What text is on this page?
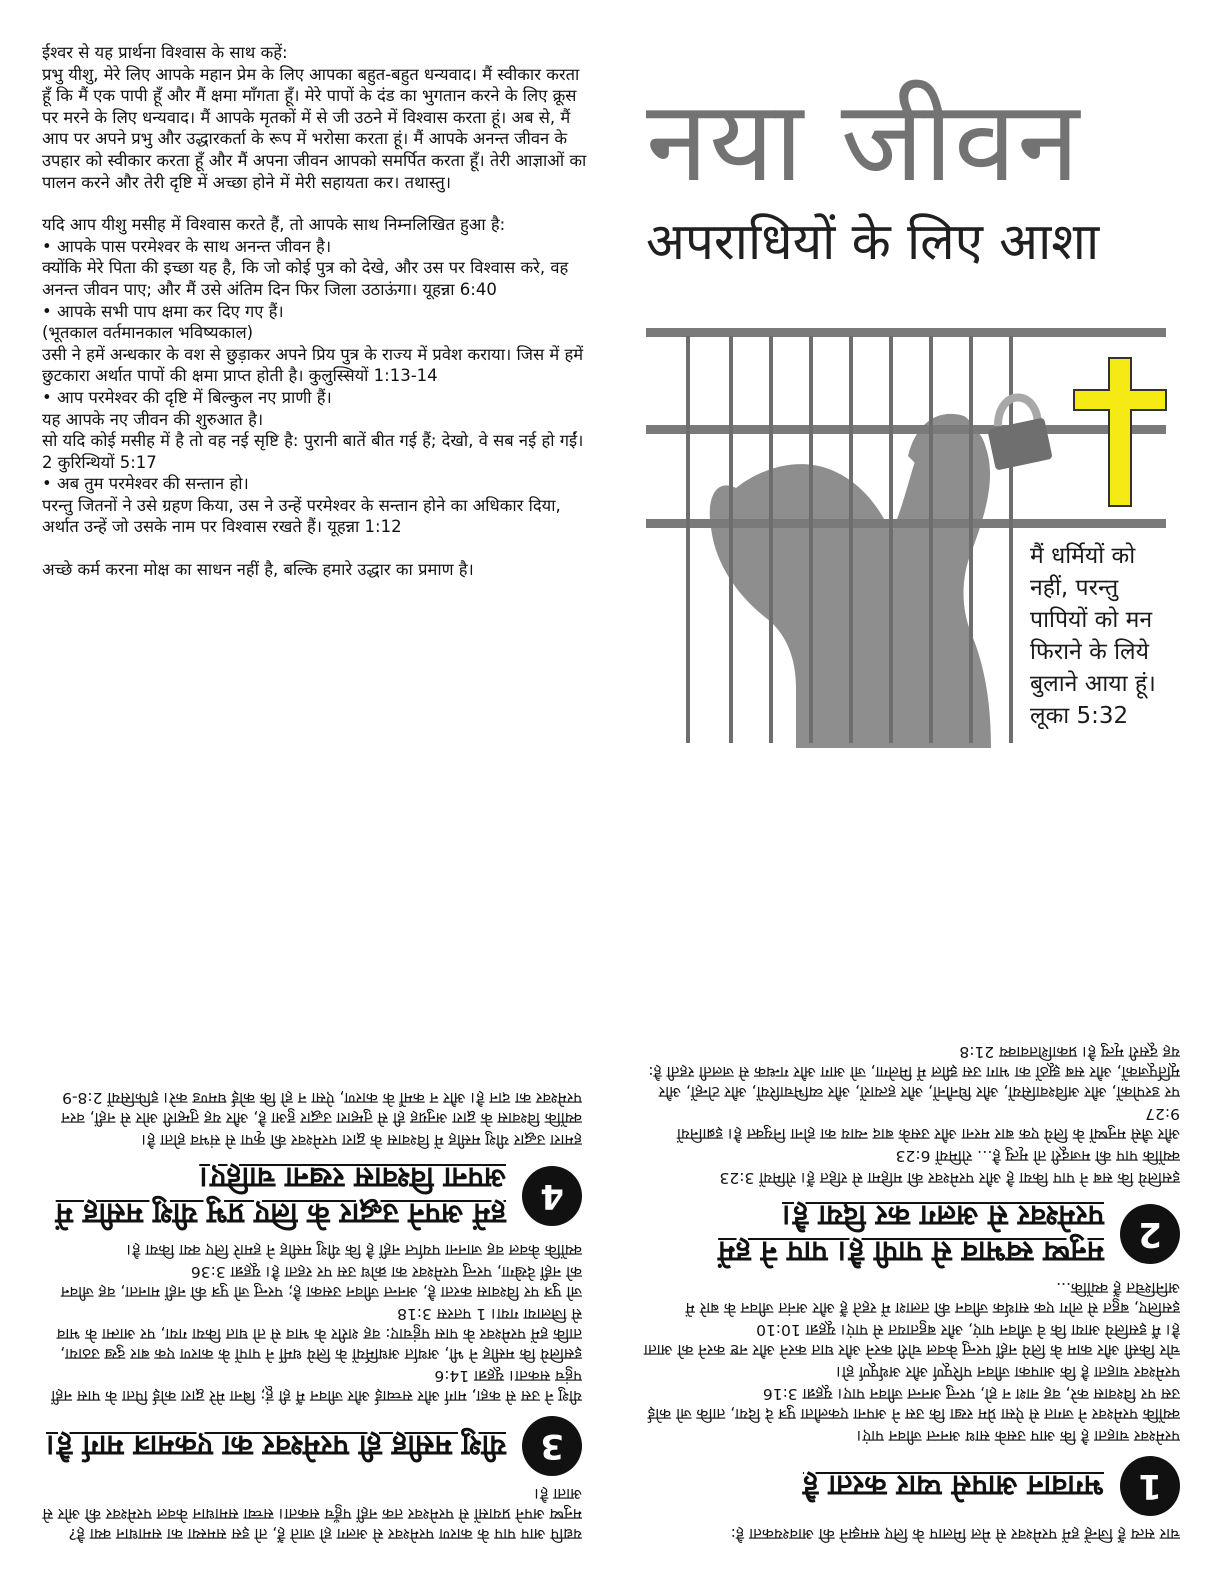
ईश्वर से यह प्रार्थना विश्वास के साथ कहें:

प्रभु यीशु, मेरे लिए आपके महान प्रेम के लिए आपका बहुत-बहुत धन्यवाद। मैं स्वीकार करता हूँ कि मैं एक पापी हूँ और मैं क्षमा माँगता हूँ। मेरे पापों के दंड का भुगतान करने के लिए क्रूस पर मरने के लिए धन्यवाद। मैं आपके मृतकों में से जी उठने में विश्वास करता हूं। अब से, मैं आप पर अपने प्रभु और उद्धारकर्ता के रूप में भरोसा करता हूं। मैं आपके अनन्त जीवन के उपहार को स्वीकार करता हूँ और मैं अपना जीवन आपको समर्पित करता हूँ। तेरी आज्ञाओं का पालन करने और तेरी दृष्टि में अच्छा होने में मेरी सहायता कर। तथास्तु।

यदि आप यीशु मसीह में विश्वास करते हैं, तो आपके साथ निम्नलिखित हुआ है:

• आपके पास परमेश्वर के साथ अनन्त जीवन है।

क्योंकि मेरे पिता की इच्छा यह है, कि जो कोई पुत्र को देखे, और उस पर विश्वास करे, वह अनन्त जीवन पाए; और मैं उसे अंतिम दिन फिर जिला उठाऊंगा। यूहन्ना 6:40

• आपके सभी पाप क्षमा कर दिए गए हैं।

(भूतकाल वर्तमानकाल भविष्यकाल)

उसी ने हमें अन्धकार के वश से छुड़ाकर अपने प्रिय पुत्र के राज्य में प्रवेश कराया। जिस में हमें छुटकारा अर्थात पापों की क्षमा प्राप्त होती है। कुलुस्सियों 1:13-14

• आप परमेश्वर की दृष्टि में बिल्कुल नए प्राणी हैं।

यह आपके नए जीवन की शुरुआत है।

सो यदि कोई मसीह में है तो वह नई सृष्टि है: पुरानी बातें बीत गई हैं; देखो, वे सब नई हो गईं। 2 कुरिन्थियों 5:17

• अब तुम परमेश्वर की सन्तान हो।

परन्तु जितनों ने उसे ग्रहण किया, उस ने उन्हें परमेश्वर के सन्तान होने का अधिकार दिया, अर्थात उन्हें जो उसके नाम पर विश्वास रखते हैं। यूहन्ना 1:12

अच्छे कर्म करना मोक्ष का साधन नहीं है, बल्कि हमारे उद्धार का प्रमाण है।

नया जीवन
अपराधियों के लिए आशा
मैं धर्मियों को नहीं, परन्तु पापियों को मन फिराने के लिये बुलाने आया हूं। लूका 5:32

यद्यपि आप पाप के कारण परमेश्वर से अलग हो जाते हैं, तो इस समस्या का समाधान क्या है? मनुष्य अपने प्रयासों से परमेश्वर तक नहीं पहुँच सकता। सच्चा समाधान केवल परमेश्वर की ओर से आता है।

3
यीशु मसीह ही परमेश्वर का एकमात्र मार्ग है।

यीशु ने उस से कहा, मार्ग और सच्चाई और जीवन मैं ही हूं; बिना मेरे द्वारा कोई पिता के पास नहीं पहुंच सकता। यूहन्ना 14:6

इसलिये कि मसीह ने भी, अर्थात अधर्मियों के लिये धर्मी ने पापों के कारण एक बार दुख उठाया, ताकि हमें परमेश्वर के पास पहुंचाए: वह शरीर के भाव से तो घात किया गया, पर आत्मा के भाव से जिलाया गया। 1 पतरस 3:18

जो पुत्र पर विश्वास करता है, अनन्त जीवन उसका है; परन्तु जो पुत्र की नहीं मानता, वह जीवन को नहीं देखेगा, परन्तु परमेश्वर का क्रोध उस पर रहता है। यूहन्ना 3:36

क्योंकि केवल वह जानना पर्याप्त नहीं है कि यीशु मसीह ने हमारे लिए क्या किया है।

4
हमें अपने उद्धार के लिए प्रभु यीशु मसीह में अपना विश्वास रखना चाहिए।

हमारा उद्धार यीशु मसीह में विश्वास के द्वारा परमेश्वर की कृपा से संभव होता है।

क्योंकि विश्वास के द्वारा अनुग्रह ही से तुम्हारा उद्धार हुआ है, और यह तुम्हारी ओर से नहीं, वरन परमेश्वर का दान है। और न कर्मों के कारण, ऐसा न हो कि कोई घमण्ड करे। इफिसियों 2:8-9

चार सत्य हैं जिन्हें हमें परमेश्वर से मेल मिलाप के लिए समझने की आवश्यकता है:

1
भगवान आपसे प्यार करता है

परमेश्वर चाहता है कि आप उसके साथ अनन्त जीवन पाएं।

क्योंकि परमेश्वर ने जगत से ऐसा प्रेम रखा कि उस ने अपना एकलौता पुत्र दे दिया, ताकि जो कोई उस पर विश्वास करे, वह नाश न हो, परन्तु अनन्त जीवन पाए। यूहन्ना 3:16

परमेश्वर चाहता है कि आपका जीवन परिपूर्ण और अर्थपूर्ण हो।

चोर किसी और काम के लिये नहीं परन्तु केवल चोरी करने और घात करने और नष्ट करने को आता है। मैं इसलिये आया कि वे जीवन पाएं, और बहुतायत से पाएं। यूहन्ना 10:10

इसलिए, बहुत से लोग एक सार्थक जीवन की तलाश में रहते हैं और अनंत जीवन के बारे में अनिश्चित हैं क्योंकि...

2
मनुष्य स्वभाव से पापी है। पाप ने हमें परमेश्वर से अलग कर दिया है।

इसलिये कि सब ने पाप किया है और परमेश्वर की महिमा से रहित हैं। रोमियों 3:23

क्योंकि पाप की मजदूरी तो मृत्यु है… रोमियों 6:23

और जैसे मनुष्यों के लिये एक बार मरना और उसके बाद न्याय का होना नियुक्त है। इब्रानियों 9:27

पर डरपोकों, और अविश्वासियों, और घिनौनों, और हत्यारों, और व्यभिचारियों, और टोन्हों, और मूर्तिपूजकों, और सब झूठों का भाग उस झील में मिलेगा, जो आग और गन्धक से जलती रहती है: यह दूसरी मृत्यु है। प्रकाशितवाक्य 21:8
